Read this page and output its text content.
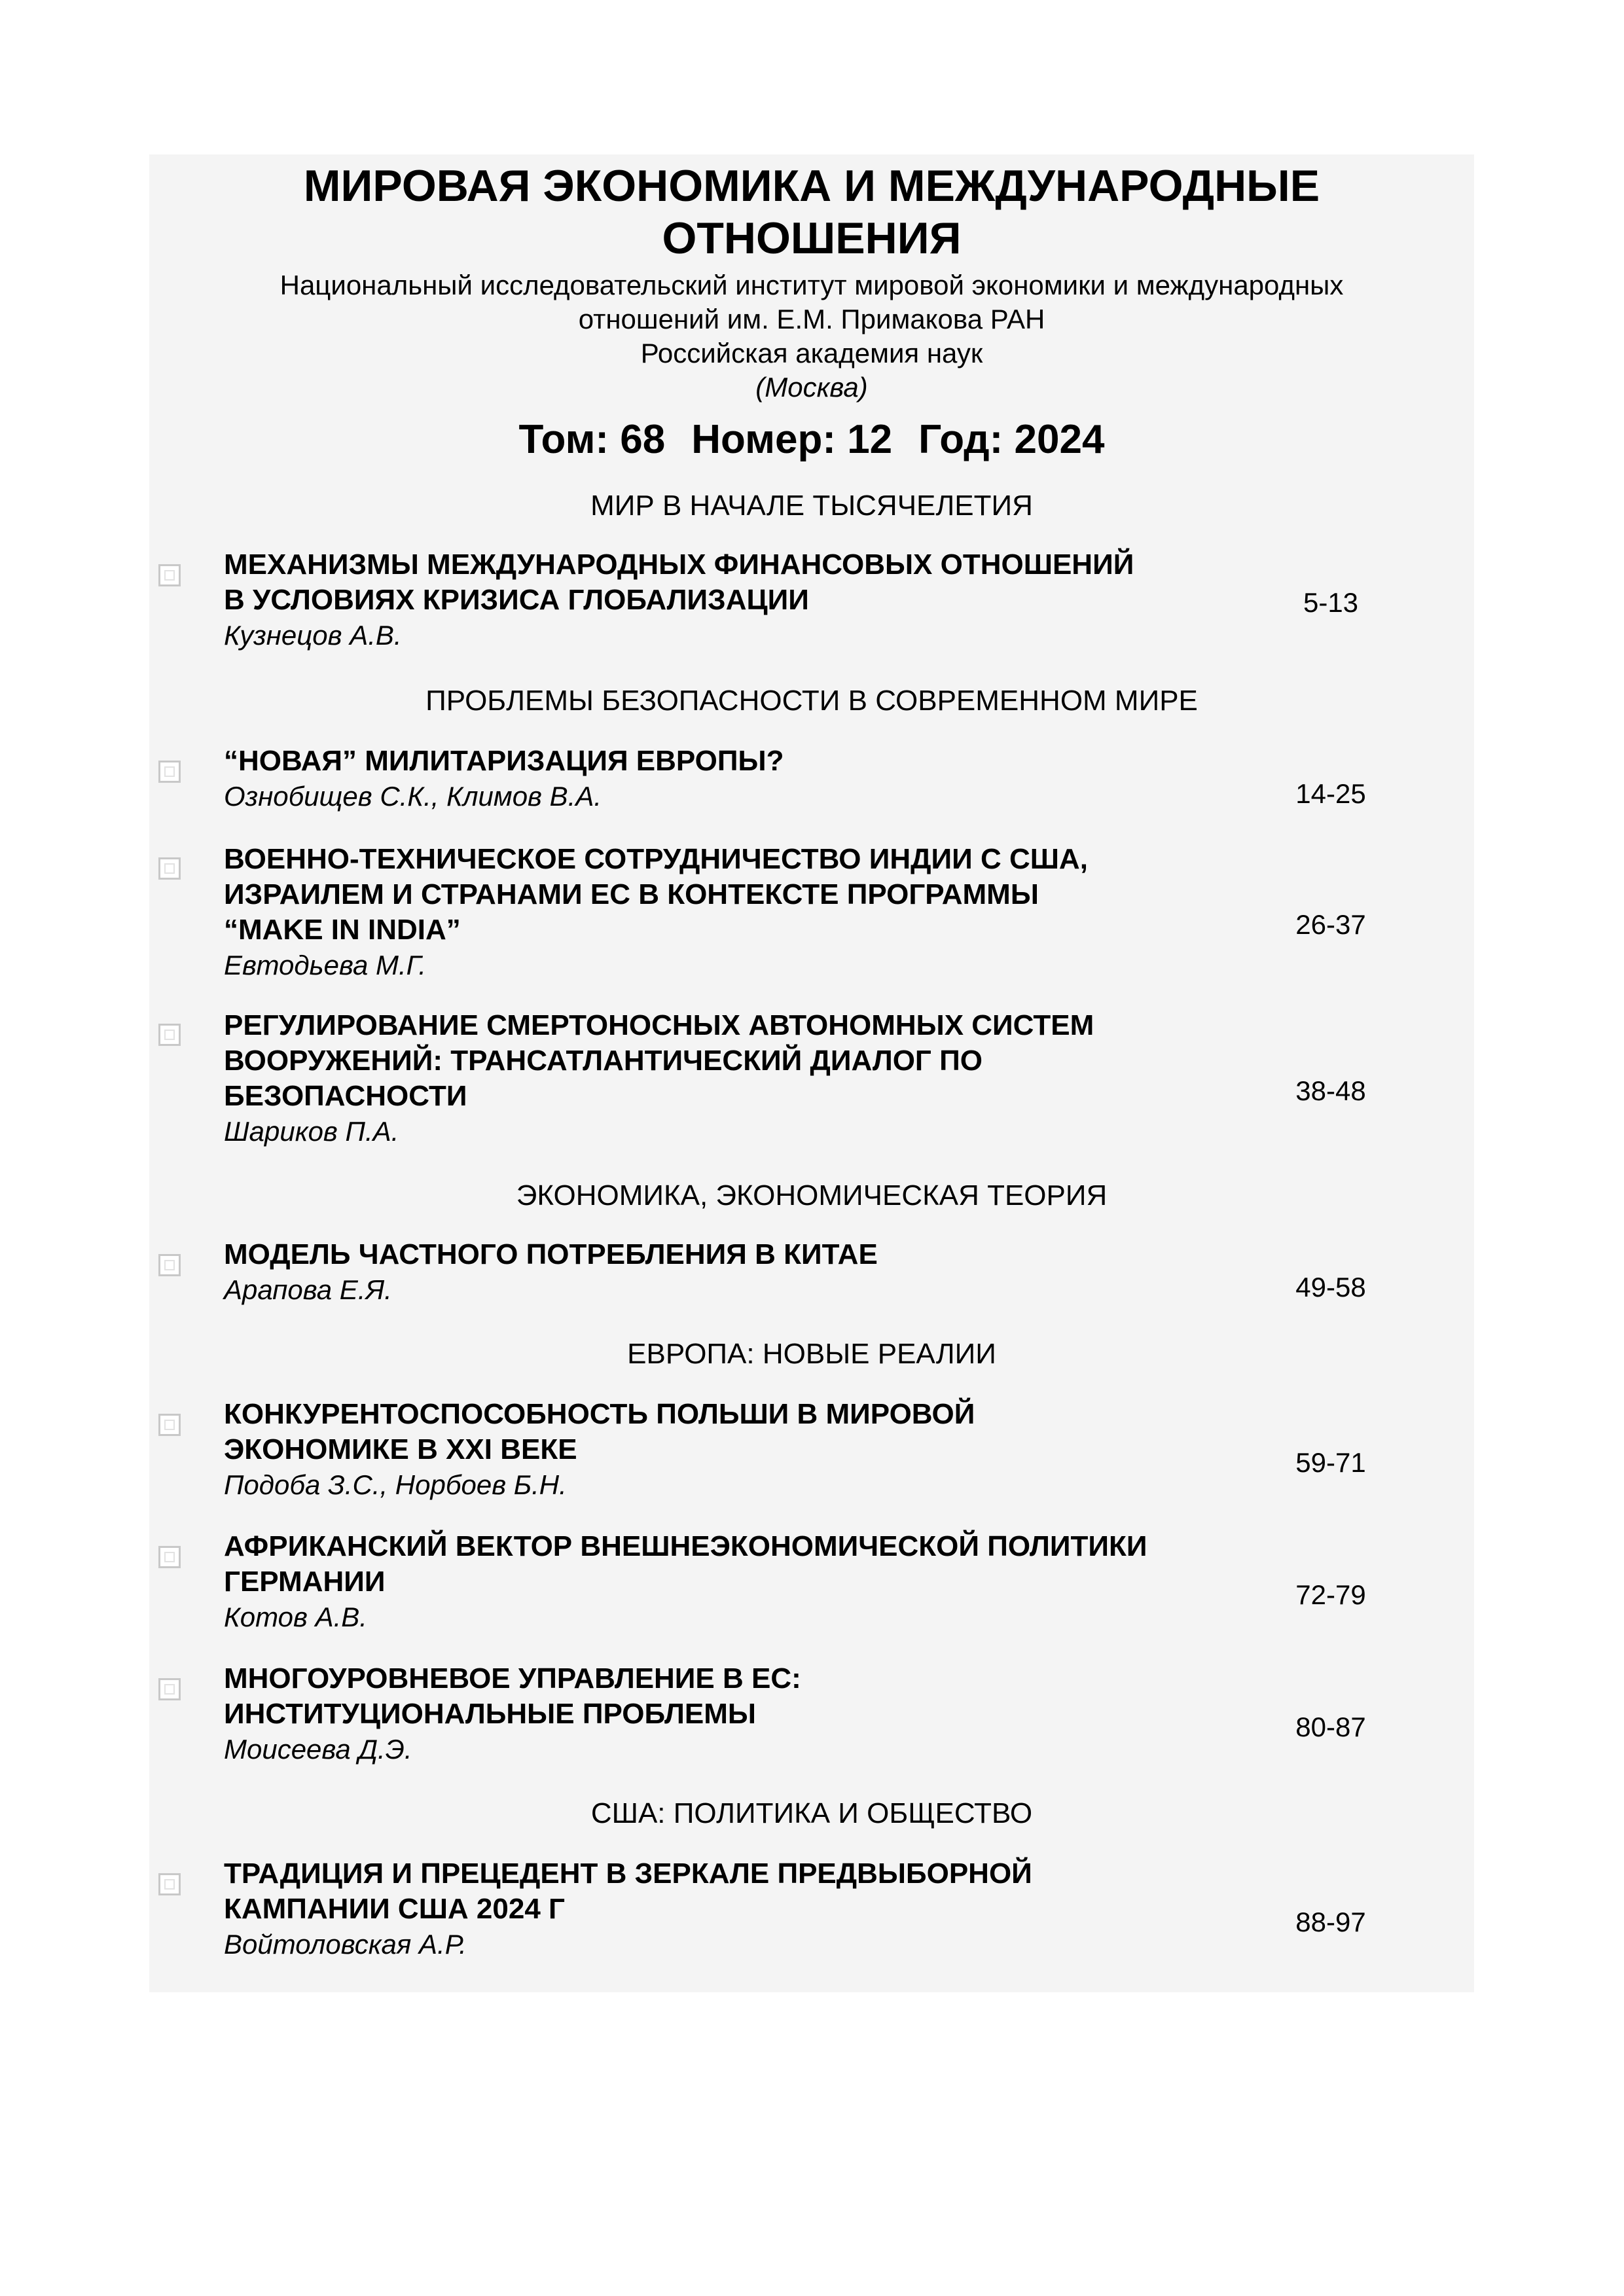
МИРОВАЯ ЭКОНОМИКА И МЕЖДУНАРОДНЫЕ
ОТНОШЕНИЯ

Национальный исследовательский институт мировой экономики и международных
отношений им. Е.М. Примакова РАН

Российская академия наук

(Москва)

Том: 68 Номер: 12 Год: 2024

МИР В НАЧАЛЕ ТЫСЯЧЕЛЕТИЯ
МЕХАНИЗМЫ МЕЖДУНАРОДНЫХ ФИНАНСОВЫХ ОТНОШЕНИЙ
В УСЛОВИЯХ КРИЗИСА ГЛОБАЛИЗАЦИИ
Кузнецов А.В.
5-13
ПРОБЛЕМЫ БЕЗОПАСНОСТИ В СОВРЕМЕННОМ МИРЕ
“НОВАЯ” МИЛИТАРИЗАЦИЯ ЕВРОПЫ?
Ознобищев С.К., Климов В.А.	14-25
ВОЕННО-ТЕХНИЧЕСКОЕ СОТРУДНИЧЕСТВО ИНДИИ С США,
ИЗРАИЛЕМ И СТРАНАМИ ЕС В КОНТЕКСТЕ ПРОГРАММЫ
“MAKE IN INDIA”
Евтодьева М.Г.
26-37
РЕГУЛИРОВАНИЕ СМЕРТОНОСНЫХ АВТОНОМНЫХ СИСТЕМ
ВООРУЖЕНИЙ: ТРАНСАТЛАНТИЧЕСКИЙ ДИАЛОГ ПО
БЕЗОПАСНОСТИ
Шариков П.А.
38-48
ЭКОНОМИКА, ЭКОНОМИЧЕСКАЯ ТЕОРИЯ
МОДЕЛЬ ЧАСТНОГО ПОТРЕБЛЕНИЯ В КИТАЕ
Арапова Е.Я.	49-58
ЕВРОПА: НОВЫЕ РЕАЛИИ
КОНКУРЕНТОСПОСОБНОСТЬ ПОЛЬШИ В МИРОВОЙ
ЭКОНОМИКЕ В XXI ВЕКЕ
Подоба З.С., Норбоев Б.Н.
59-71
АФРИКАНСКИЙ ВЕКТОР ВНЕШНЕЭКОНОМИЧЕСКОЙ ПОЛИТИКИ
ГЕРМАНИИ
Котов А.В.
72-79
МНОГОУРОВНЕВОЕ УПРАВЛЕНИЕ В ЕС:
ИНСТИТУЦИОНАЛЬНЫЕ ПРОБЛЕМЫ
Моисеева Д.Э.
80-87
США: ПОЛИТИКА И ОБЩЕСТВО
ТРАДИЦИЯ И ПРЕЦЕДЕНТ В ЗЕРКАЛЕ ПРЕДВЫБОРНОЙ
КАМПАНИИ США 2024 Г
Войтоловская А.Р.
88-97
